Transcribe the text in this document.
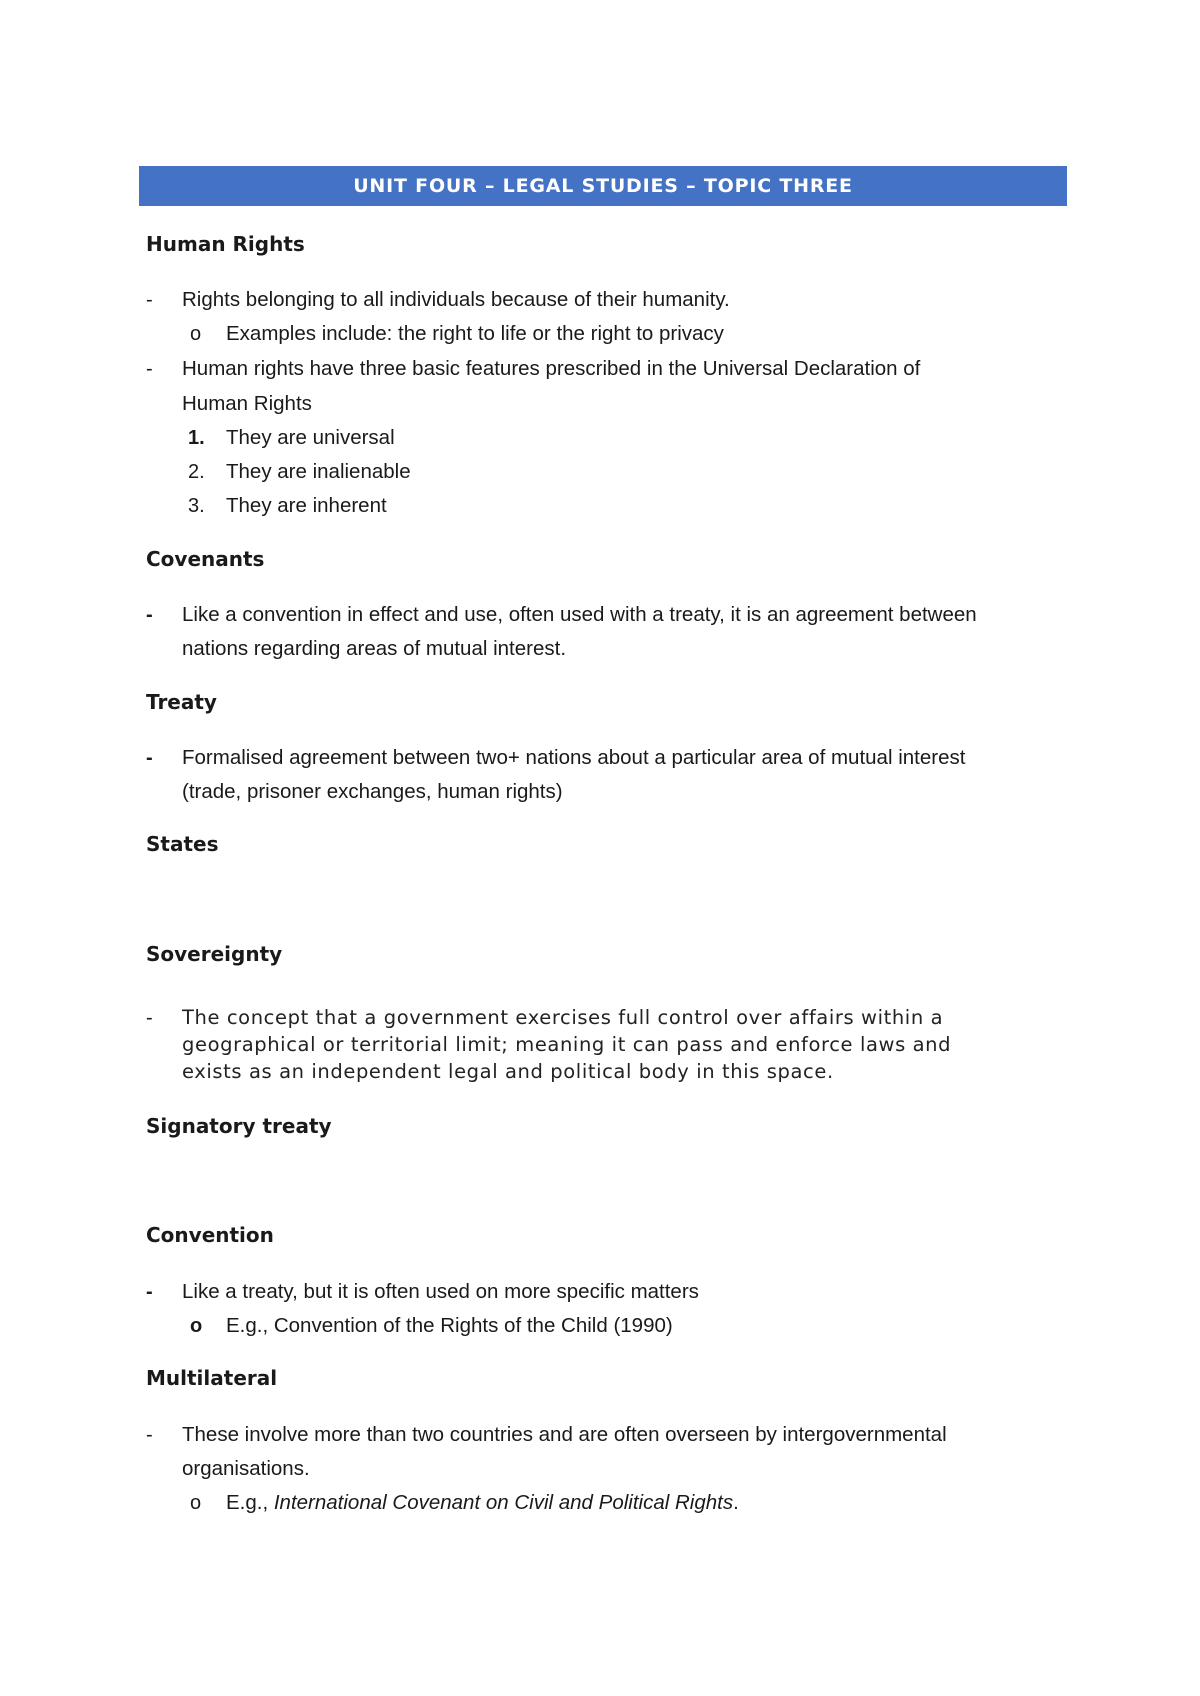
UNIT FOUR – LEGAL STUDIES – TOPIC THREE
Human Rights
- Rights belonging to all individuals because of their humanity.
o Examples include: the right to life or the right to privacy
- Human rights have three basic features prescribed in the Universal Declaration of
Human Rights
1. They are universal
2. They are inalienable
3. They are inherent
Covenants
- Like a convention in effect and use, often used with a treaty, it is an agreement between
nations regarding areas of mutual interest.
Treaty
- Formalised agreement between two+ nations about a particular area of mutual interest
(trade, prisoner exchanges, human rights)
States
Sovereignty
- The concept that a government exercises full control over affairs within a
geographical or territorial limit; meaning it can pass and enforce laws and
exists as an independent legal and political body in this space.
Signatory treaty
Convention
- Like a treaty, but it is often used on more specific matters
o E.g., Convention of the Rights of the Child (1990)
Multilateral
- These involve more than two countries and are often overseen by intergovernmental
organisations.
o E.g., International Covenant on Civil and Political Rights.
